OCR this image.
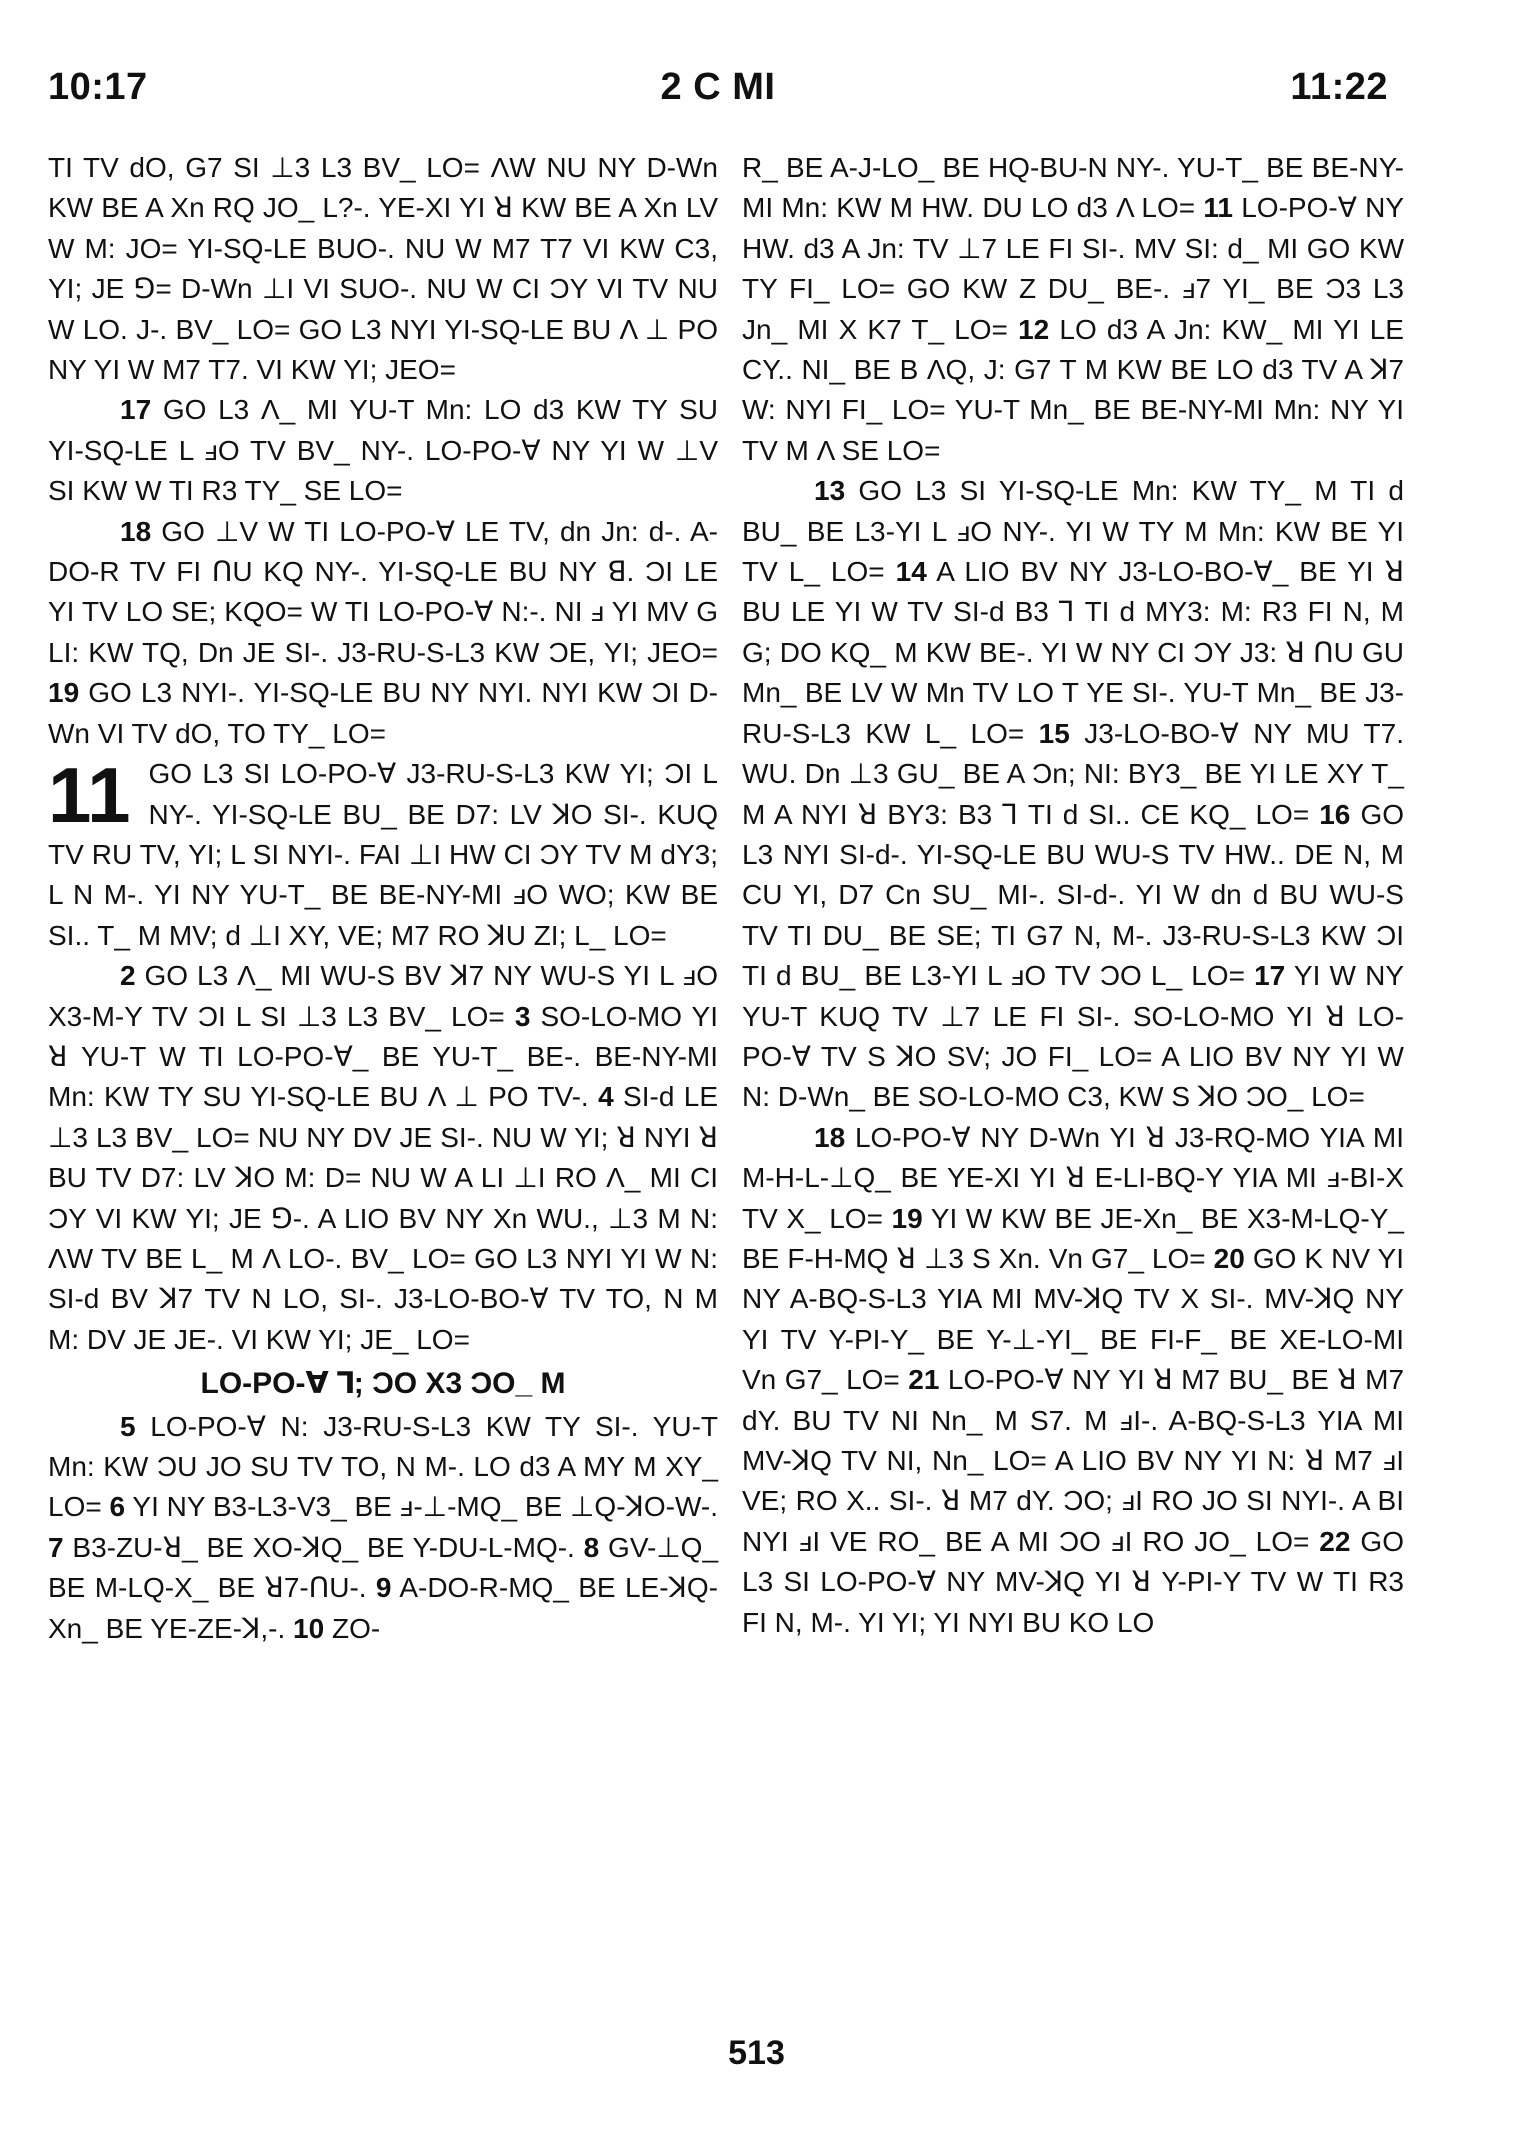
10:17	2 C MI	11:22

TI TV dO, G7 SI ⊥3 L3 BV_ LO= ΛW NU NY D-Wn KW BE A Xn RQ JO_ L?-. YE-XI YI ꓤ KW BE A Xn LV W M: JO= YI-SQ-LE BUO-. NU W M7 T7 VI KW C3, YI; JE ⅁= D-Wn ⊥I VI SUO-. NU W CI ƆY VI TV NU W LO. J-. BV_ LO= GO L3 NYI YI-SQ-LE BU Λ ⊥ PO NY YI W M7 T7. VI KW YI; JEO=

17 GO L3 Λ_ MI YU-T Mn: LO d3 KW TY SU YI-SQ-LE L ⅎO TV BV_ NY-. LO-PO-∀ NY YI W ⊥V SI KW W TI R3 TY_ SE LO=

18 GO ⊥V W TI LO-PO-∀ LE TV, dn Jn: d-. A-DO-R TV FI ꓵU KQ NY-. YI-SQ-LE BU NY ꓭ. ƆI LE YI TV LO SE; KQO= W TI LO-PO-∀ N:-. NI ⅎ YI MV G LI: KW TQ, Dn JE SI-. J3-RU-S-L3 KW ƆE, YI; JEO= 19 GO L3 NYI-. YI-SQ-LE BU NY NYI. NYI KW ƆI D-Wn VI TV dO, TO TY_ LO=

11 GO L3 SI LO-PO-∀ J3-RU-S-L3 KW YI; ƆI L NY-. YI-SQ-LE BU_ BE D7: LV ꓘO SI-. KUQ TV RU TV, YI; L SI NYI-. FAI ⊥I HW CI ƆY TV M dY3; L N M-. YI NY YU-T_ BE BE-NY-MI ⅎO WO; KW BE SI.. T_ M MV; d ⊥I XY, VE; M7 RO ꓘU ZI; L_ LO=

2 GO L3 Λ_ MI WU-S BV ꓘ7 NY WU-S YI L ⅎO X3-M-Y TV ƆI L SI ⊥3 L3 BV_ LO= 3 SO-LO-MO YI ꓤ YU-T W TI LO-PO-∀_ BE YU-T_ BE-. BE-NY-MI Mn: KW TY SU YI-SQ-LE BU Λ ⊥ PO TV-. 4 SI-d LE ⊥3 L3 BV_ LO= NU NY DV JE SI-. NU W YI; ꓤ NYI ꓤ BU TV D7: LV ꓘO M: D= NU W A LI ⊥I RO Λ_ MI CI ƆY VI KW YI; JE ⅁-. A LIO BV NY Xn WU., ⊥3 M N: ΛW TV BE L_ M Λ LO-. BV_ LO= GO L3 NYI YI W N: SI-d BV ꓘ7 TV N LO, SI-. J3-LO-BO-∀ TV TO, N M M: DV JE JE-. VI KW YI; JE_ LO=

LO-PO-∀ ꓶ; ƆO X3 ƆO_ M

5 LO-PO-∀ N: J3-RU-S-L3 KW TY SI-. YU-T Mn: KW ƆU JO SU TV TO, N M-. LO d3 A MY M XY_ LO= 6 YI NY B3-L3-V3_ BE ⅎ-⊥-MQ_ BE ⊥Q-ꓘO-W-. 7 B3-ZU-ꓤ_ BE XO-ꓘQ_ BE Y-DU-L-MQ-. 8 GV-⊥Q_ BE M-LQ-X_ BE ꓤ7-ꓵU-. 9 A-DO-R-MQ_ BE LE-ꓘQ-Xn_ BE YE-ZE-ꓘ,-. 10 ZO-

R_ BE A-J-LO_ BE HQ-BU-N NY-. YU-T_ BE BE-NY-MI Mn: KW M HW. DU LO d3 Λ LO= 11 LO-PO-∀ NY HW. d3 A Jn: TV ⊥7 LE FI SI-. MV SI: d_ MI GO KW TY FI_ LO= GO KW Z DU_ BE-. ⅎ7 YI_ BE Ɔ3 L3 Jn_ MI X K7 T_ LO= 12 LO d3 A Jn: KW_ MI YI LE CY.. NI_ BE B ΛQ, J: G7 T M KW BE LO d3 TV A ꓘ7 W: NYI FI_ LO= YU-T Mn_ BE BE-NY-MI Mn: NY YI TV M Λ SE LO=

13 GO L3 SI YI-SQ-LE Mn: KW TY_ M TI d BU_ BE L3-YI L ⅎO NY-. YI W TY M Mn: KW BE YI TV L_ LO= 14 A LIO BV NY J3-LO-BO-∀_ BE YI ꓤ BU LE YI W TV SI-d B3 ꓶ TI d MY3: M: R3 FI N, M G; DO KQ_ M KW BE-. YI W NY CI ƆY J3: ꓤ ꓵU GU Mn_ BE LV W Mn TV LO T YE SI-. YU-T Mn_ BE J3-RU-S-L3 KW L_ LO= 15 J3-LO-BO-∀ NY MU T7. WU. Dn ⊥3 GU_ BE A Ɔn; NI: BY3_ BE YI LE XY T_ M A NYI ꓤ BY3: B3 ꓶ TI d SI.. CE KQ_ LO= 16 GO L3 NYI SI-d-. YI-SQ-LE BU WU-S TV HW.. DE N, M CU YI, D7 Cn SU_ MI-. SI-d-. YI W dn d BU WU-S TV TI DU_ BE SE; TI G7 N, M-. J3-RU-S-L3 KW ƆI TI d BU_ BE L3-YI L ⅎO TV ƆO L_ LO= 17 YI W NY YU-T KUQ TV ⊥7 LE FI SI-. SO-LO-MO YI ꓤ LO-PO-∀ TV S ꓘO SV; JO FI_ LO= A LIO BV NY YI W N: D-Wn_ BE SO-LO-MO C3, KW S ꓘO ƆO_ LO=

18 LO-PO-∀ NY D-Wn YI ꓤ J3-RQ-MO YIA MI M-H-L-⊥Q_ BE YE-XI YI ꓤ E-LI-BQ-Y YIA MI ⅎ-BI-X TV X_ LO= 19 YI W KW BE JE-Xn_ BE X3-M-LQ-Y_ BE F-H-MQ ꓤ ⊥3 S Xn. Vn G7_ LO= 20 GO K NV YI NY A-BQ-S-L3 YIA MI MV-ꓘQ TV X SI-. MV-ꓘQ NY YI TV Y-PI-Y_ BE Y-⊥-YI_ BE FI-F_ BE XE-LO-MI Vn G7_ LO= 21 LO-PO-∀ NY YI ꓤ M7 BU_ BE ꓤ M7 dY. BU TV NI Nn_ M S7. M ⅎI-. A-BQ-S-L3 YIA MI MV-ꓘQ TV NI, Nn_ LO= A LIO BV NY YI N: ꓤ M7 ⅎI VE; RO X.. SI-. ꓤ M7 dY. ƆO; ⅎI RO JO SI NYI-. A BI NYI ⅎI VE RO_ BE A MI ƆO ⅎI RO JO_ LO= 22 GO L3 SI LO-PO-∀ NY MV-ꓘQ YI ꓤ Y-PI-Y TV W TI R3 FI N, M-. YI YI; YI NYI BU KO LO

513
